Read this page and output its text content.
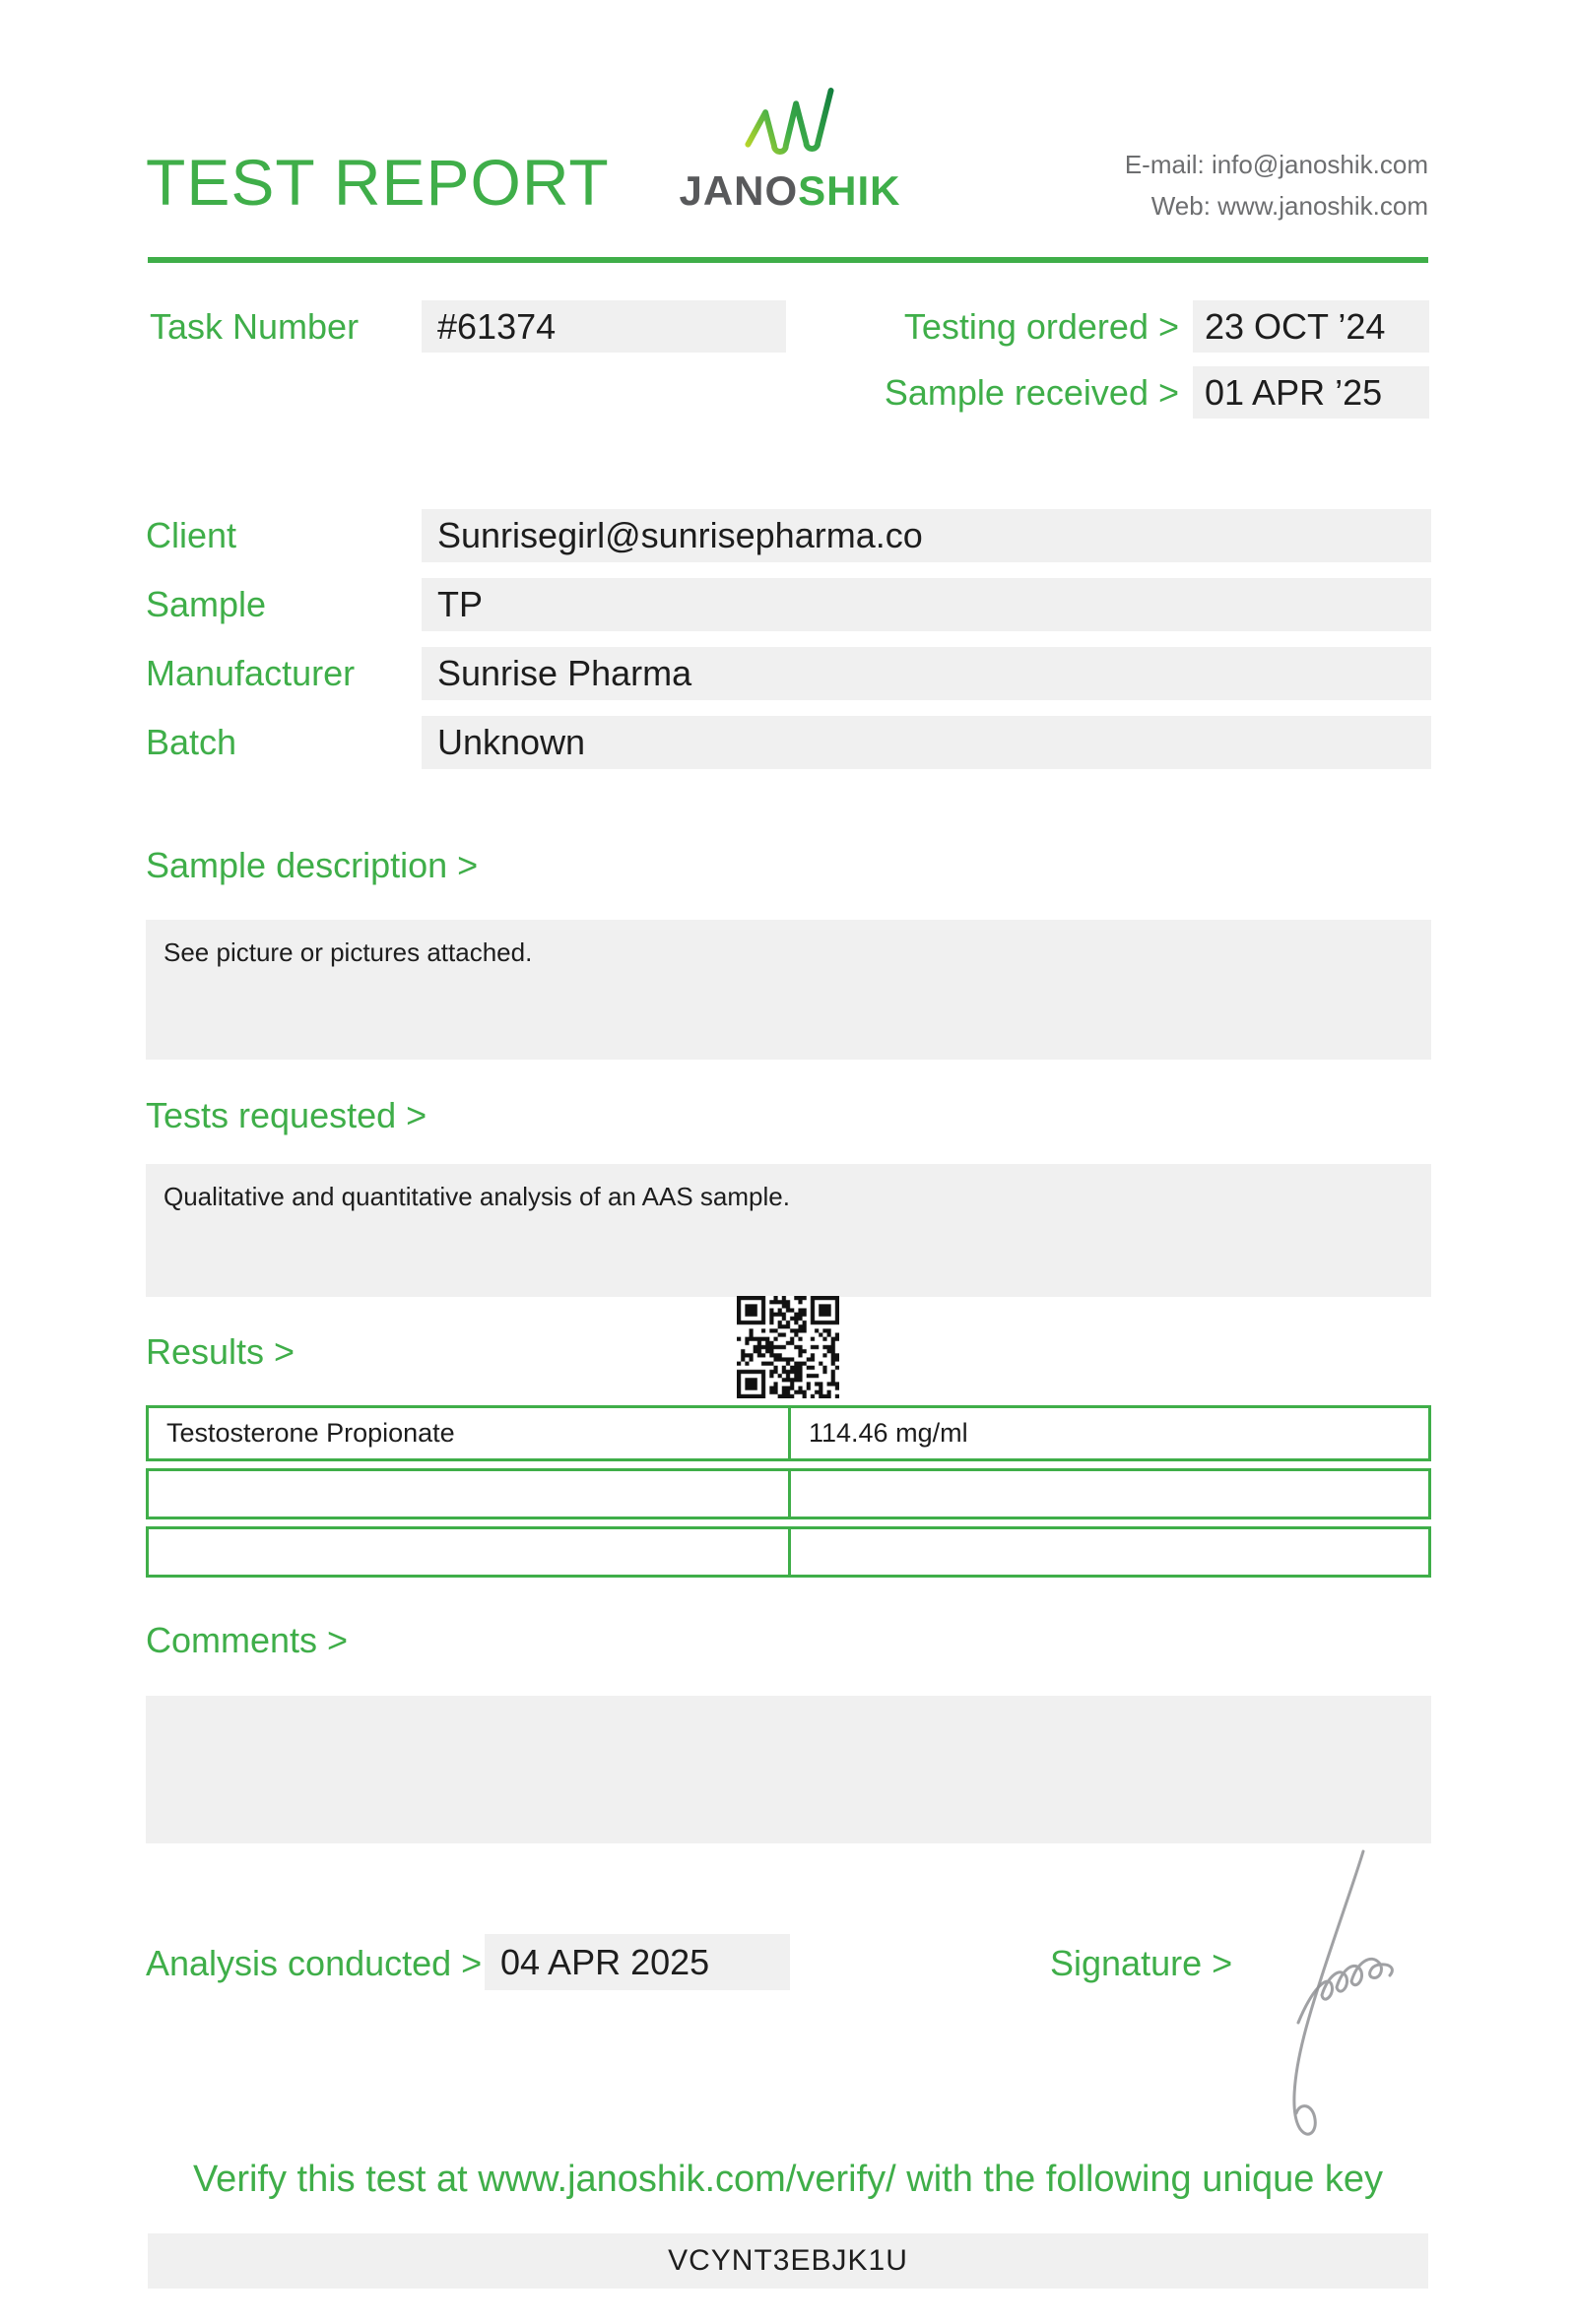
TEST REPORT JANOSHIK
E-mail: info@janoshik.com
Web: www.janoshik.com
Task Number	#61374	Testing ordered > 23 OCT ’24
Sample received > 01 APR ’25
Client	Sunrisegirl@sunrisepharma.co
Sample	TP
Manufacturer	Sunrise Pharma
Batch	Unknown
Sample description >
See picture or pictures attached.
Tests requested >
Qualitative and quantitative analysis of an AAS sample.
Results >
Testosterone Propionate	114.46 mg/ml
Comments >
Analysis conducted > 04 APR 2025	Signature >
Verify this test at www.janoshik.com/verify/ with the following unique key
VCYNT3EBJK1U
